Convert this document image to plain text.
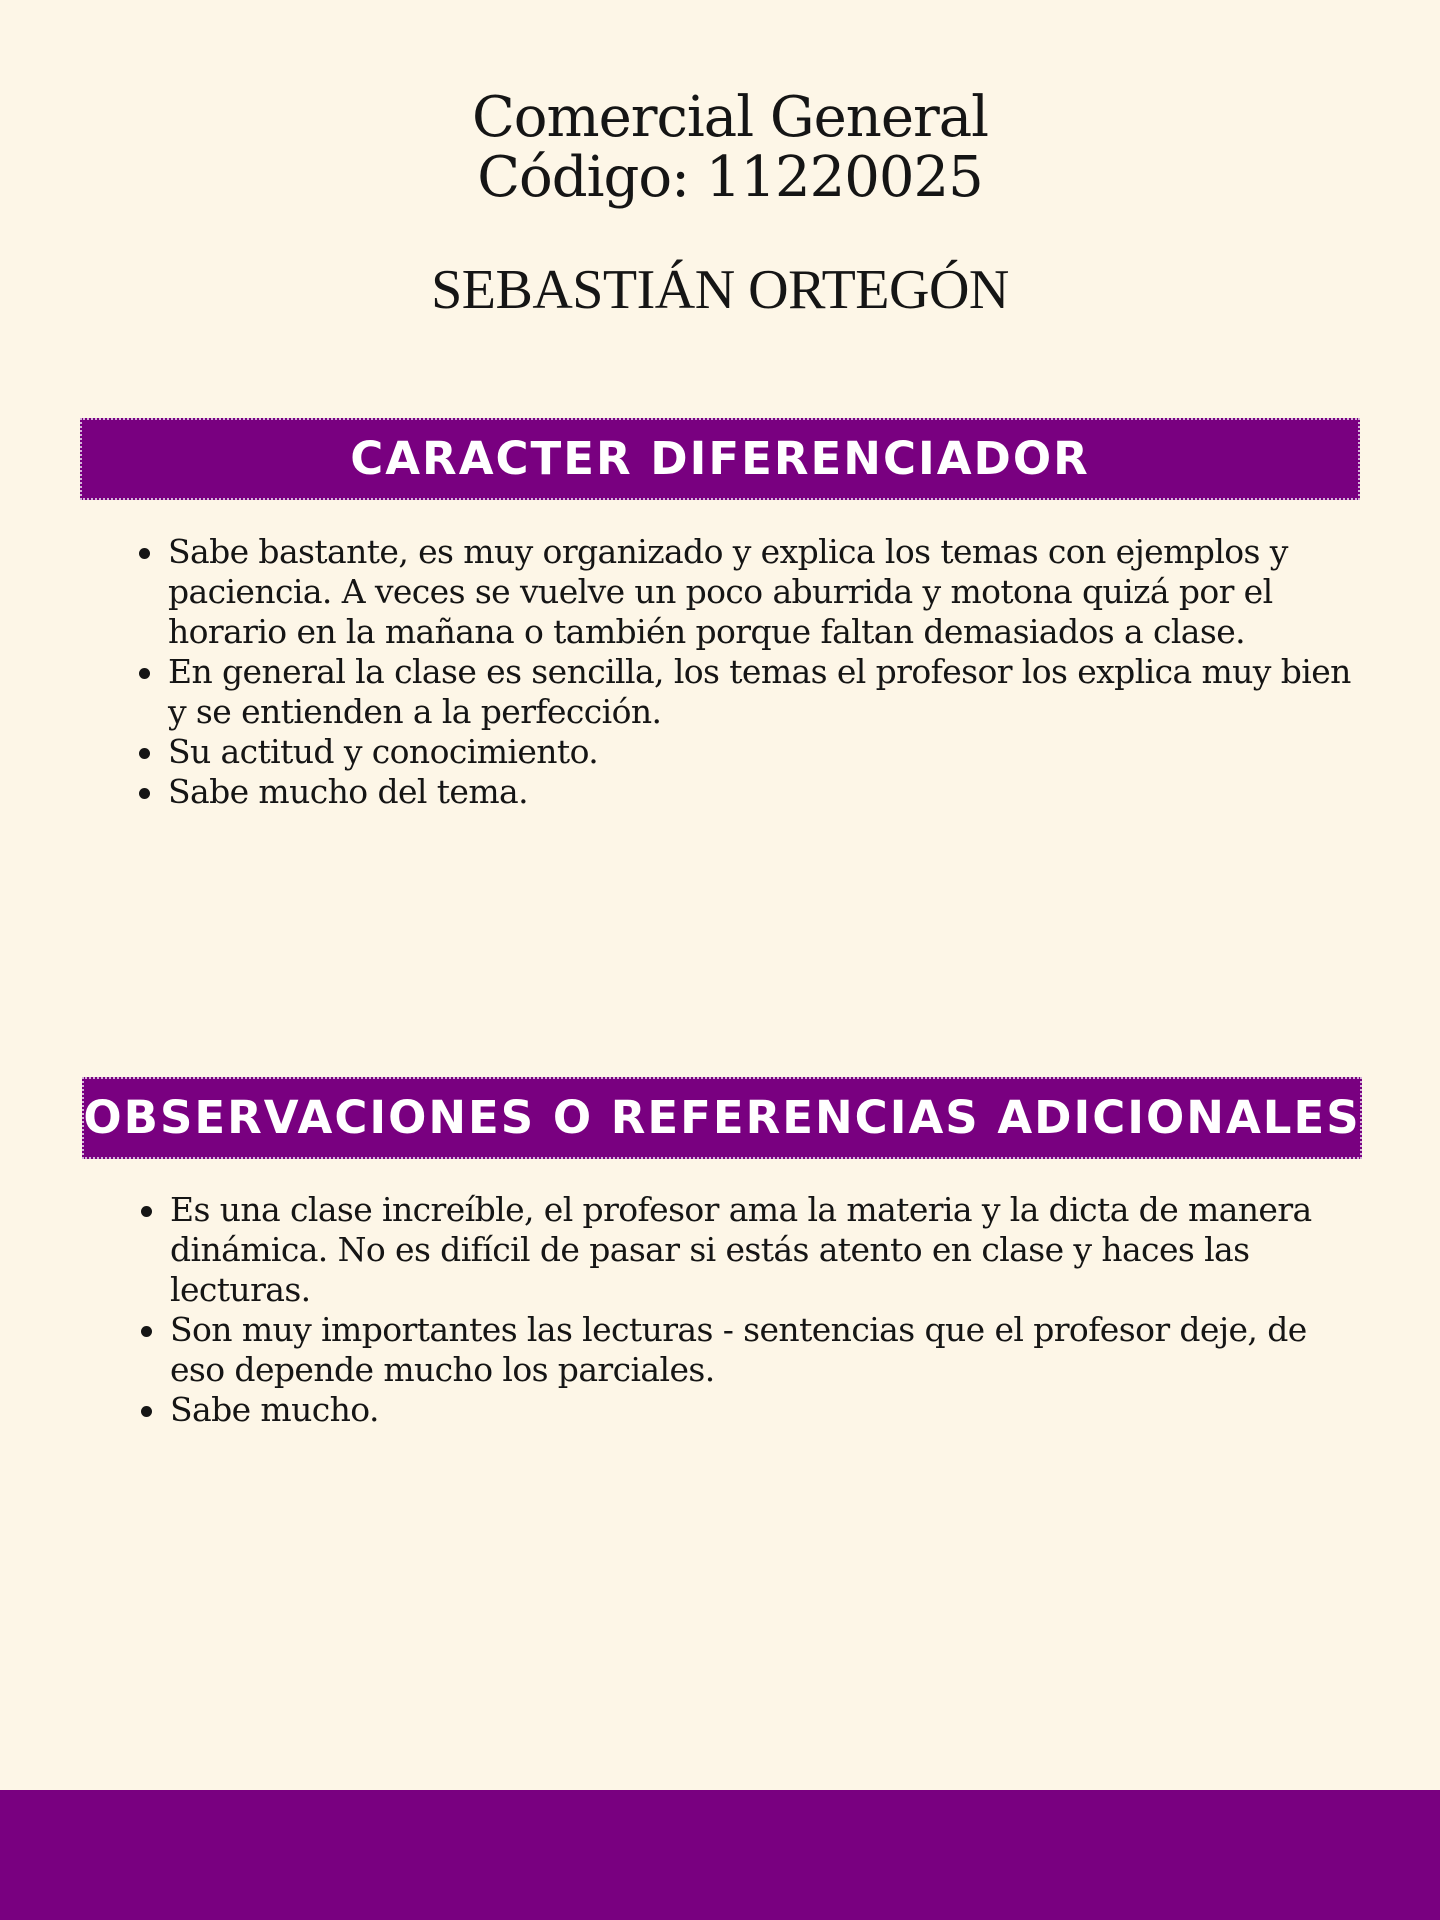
Comercial General
Código: 11220025
SEBASTIÁN ORTEGÓN
CARACTER DIFERENCIADOR
Sabe bastante, es muy organizado y explica los temas con ejemplos y paciencia. A veces se vuelve un poco aburrida y motona quizá por el horario en la mañana o también porque faltan demasiados a clase.
En general la clase es sencilla, los temas el profesor los explica muy bien y se entienden a la perfección.
Su actitud y conocimiento.
Sabe mucho del tema.
OBSERVACIONES O REFERENCIAS ADICIONALES
Es una clase increíble, el profesor ama la materia y la dicta de manera dinámica. No es difícil de pasar si estás atento en clase y haces las lecturas.
Son muy importantes las lecturas - sentencias que el profesor deje, de eso depende mucho los parciales.
Sabe mucho.
